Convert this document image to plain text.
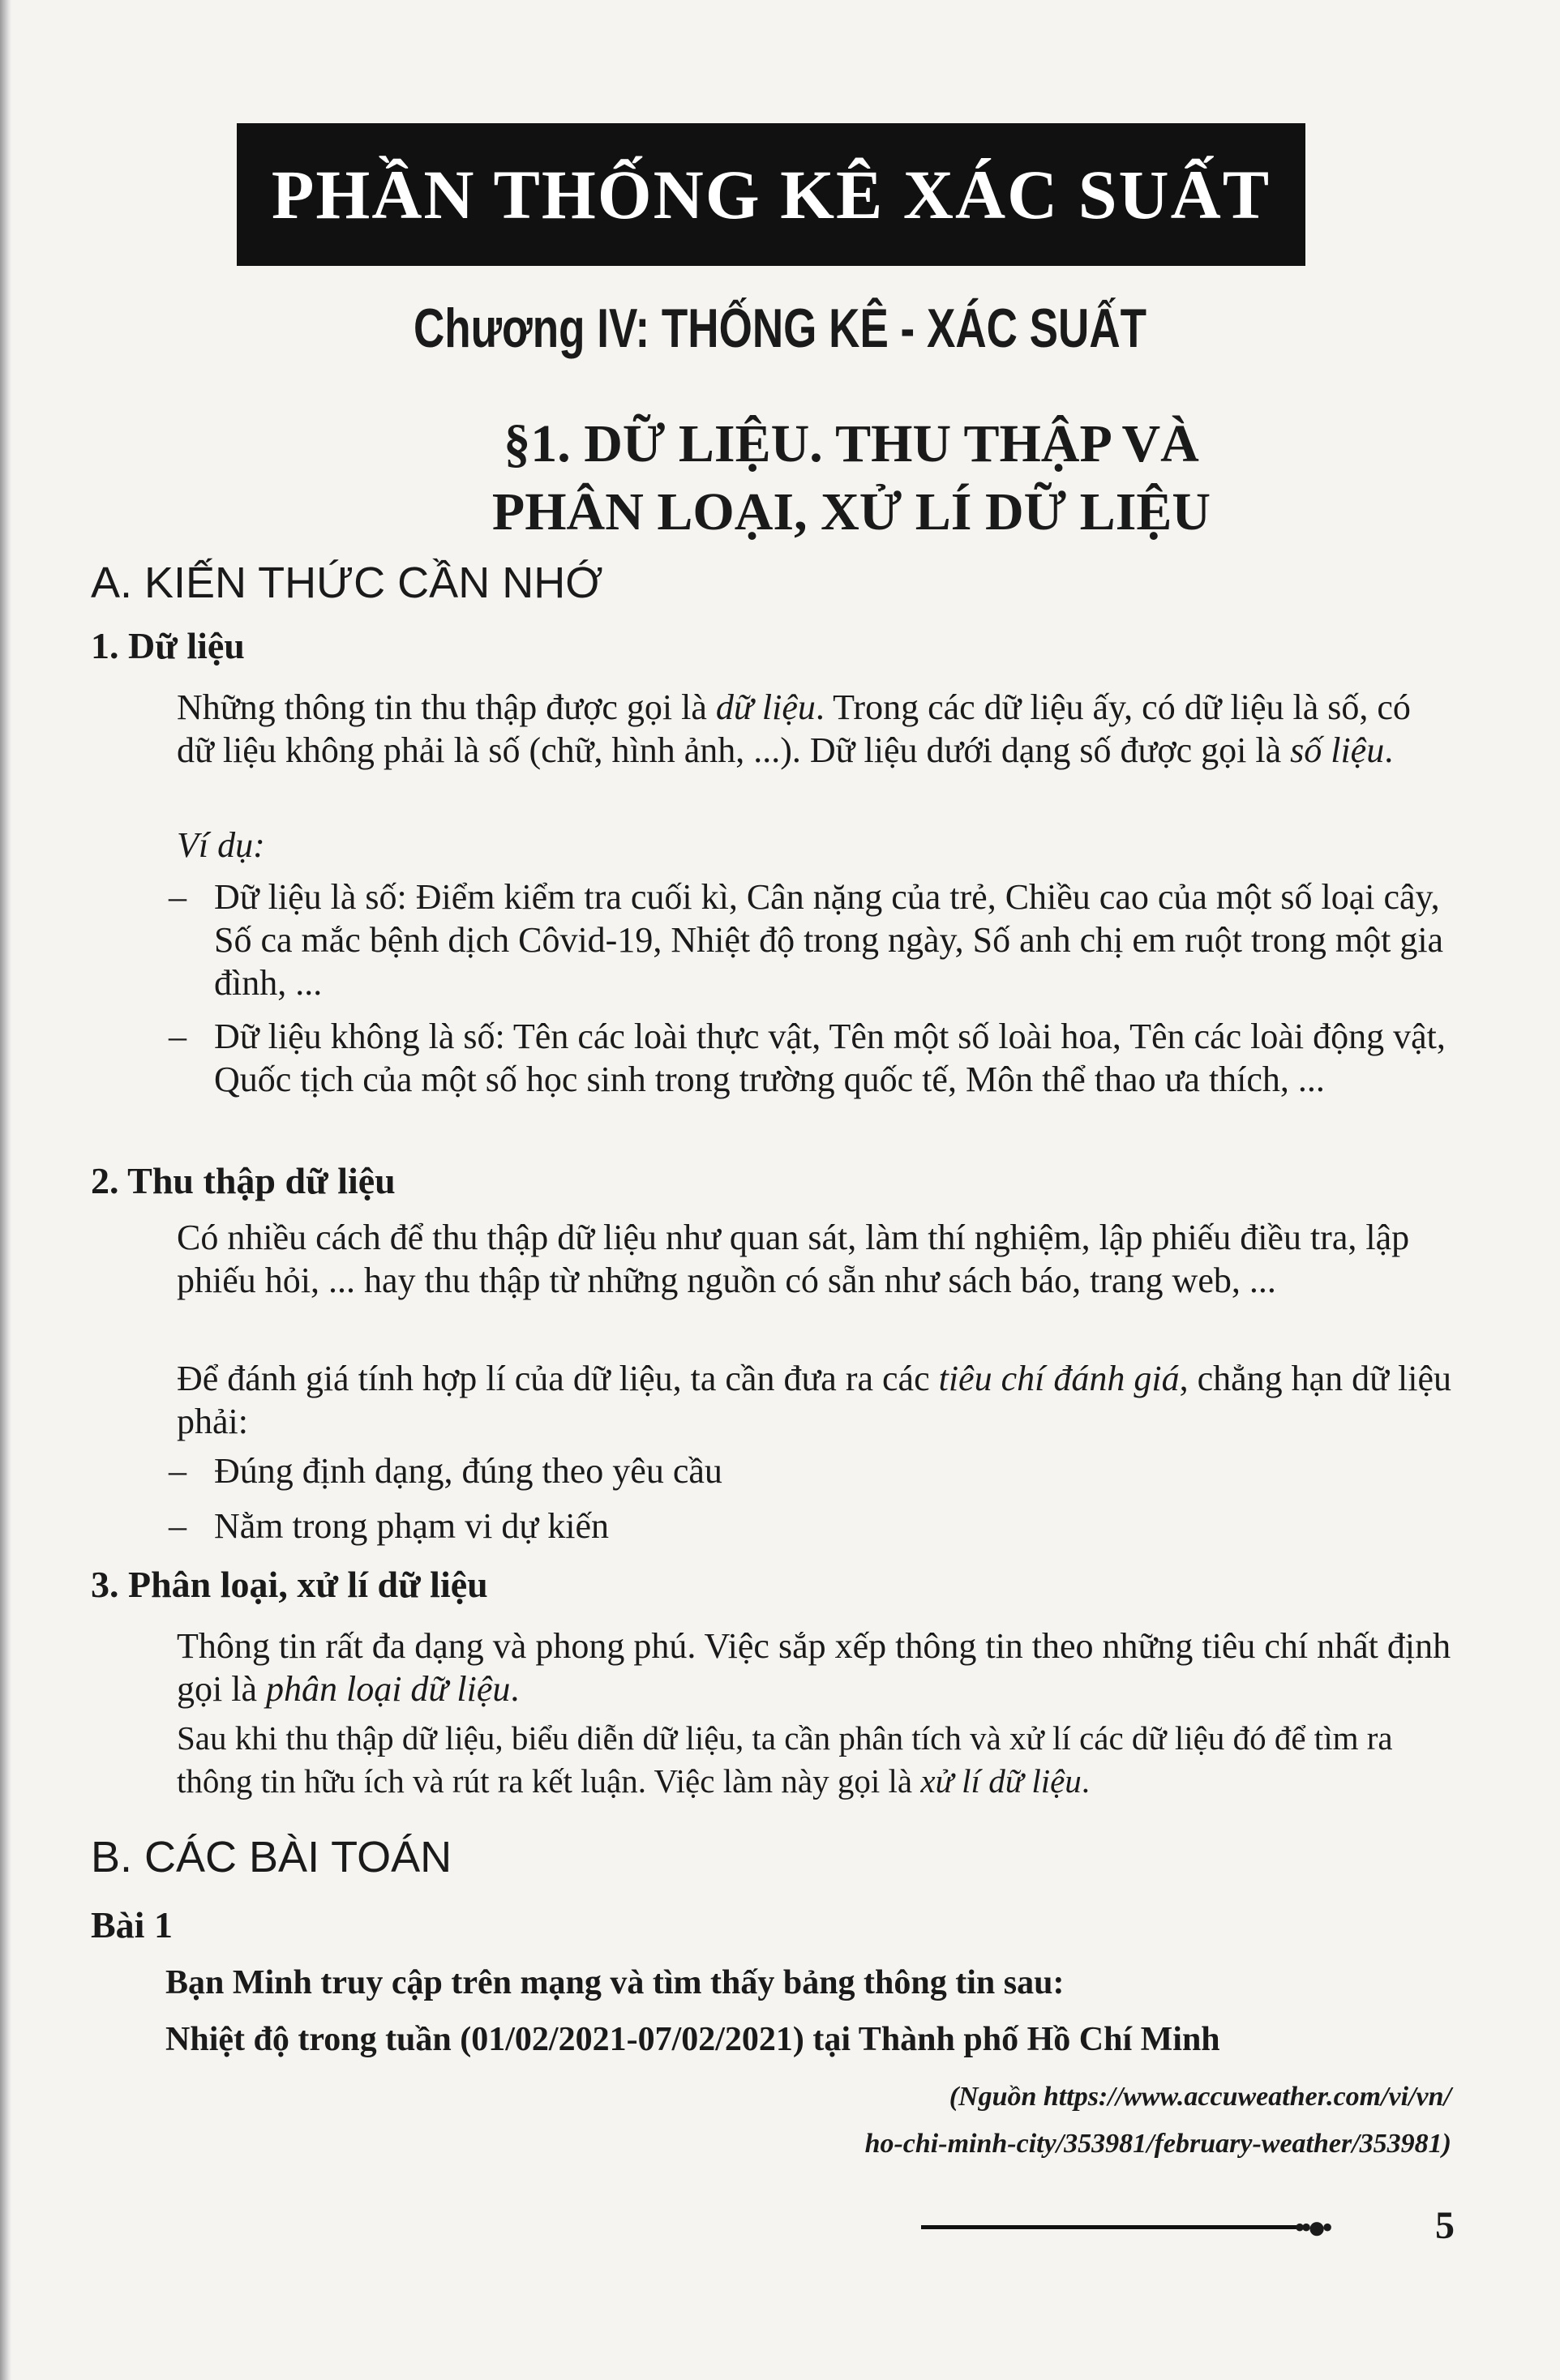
PHẦN THỐNG KÊ XÁC SUẤT
Chương IV: THỐNG KÊ - XÁC SUẤT
§1. DỮ LIỆU. THU THẬP VÀ
PHÂN LOẠI, XỬ LÍ DỮ LIỆU
A. KIẾN THỨC CẦN NHỚ
1. Dữ liệu
Những thông tin thu thập được gọi là dữ liệu. Trong các dữ liệu ấy, có dữ liệu là số, có dữ liệu không phải là số (chữ, hình ảnh, ...). Dữ liệu dưới dạng số được gọi là số liệu.
Ví dụ:
– Dữ liệu là số: Điểm kiểm tra cuối kì, Cân nặng của trẻ, Chiều cao của một số loại cây, Số ca mắc bệnh dịch Côvid-19, Nhiệt độ trong ngày, Số anh chị em ruột trong một gia đình, ...
– Dữ liệu không là số: Tên các loài thực vật, Tên một số loài hoa, Tên các loài động vật, Quốc tịch của một số học sinh trong trường quốc tế, Môn thể thao ưa thích, ...
2. Thu thập dữ liệu
Có nhiều cách để thu thập dữ liệu như quan sát, làm thí nghiệm, lập phiếu điều tra, lập phiếu hỏi, ... hay thu thập từ những nguồn có sẵn như sách báo, trang web, ...
Để đánh giá tính hợp lí của dữ liệu, ta cần đưa ra các tiêu chí đánh giá, chẳng hạn dữ liệu phải:
– Đúng định dạng, đúng theo yêu cầu
– Nằm trong phạm vi dự kiến
3. Phân loại, xử lí dữ liệu
Thông tin rất đa dạng và phong phú. Việc sắp xếp thông tin theo những tiêu chí nhất định gọi là phân loại dữ liệu.
Sau khi thu thập dữ liệu, biểu diễn dữ liệu, ta cần phân tích và xử lí các dữ liệu đó để tìm ra thông tin hữu ích và rút ra kết luận. Việc làm này gọi là xử lí dữ liệu.
B. CÁC BÀI TOÁN
Bài 1
Bạn Minh truy cập trên mạng và tìm thấy bảng thông tin sau:
Nhiệt độ trong tuần (01/02/2021-07/02/2021) tại Thành phố Hồ Chí Minh
(Nguồn https://www.accuweather.com/vi/vn/
ho-chi-minh-city/353981/february-weather/353981)
••●•	5
